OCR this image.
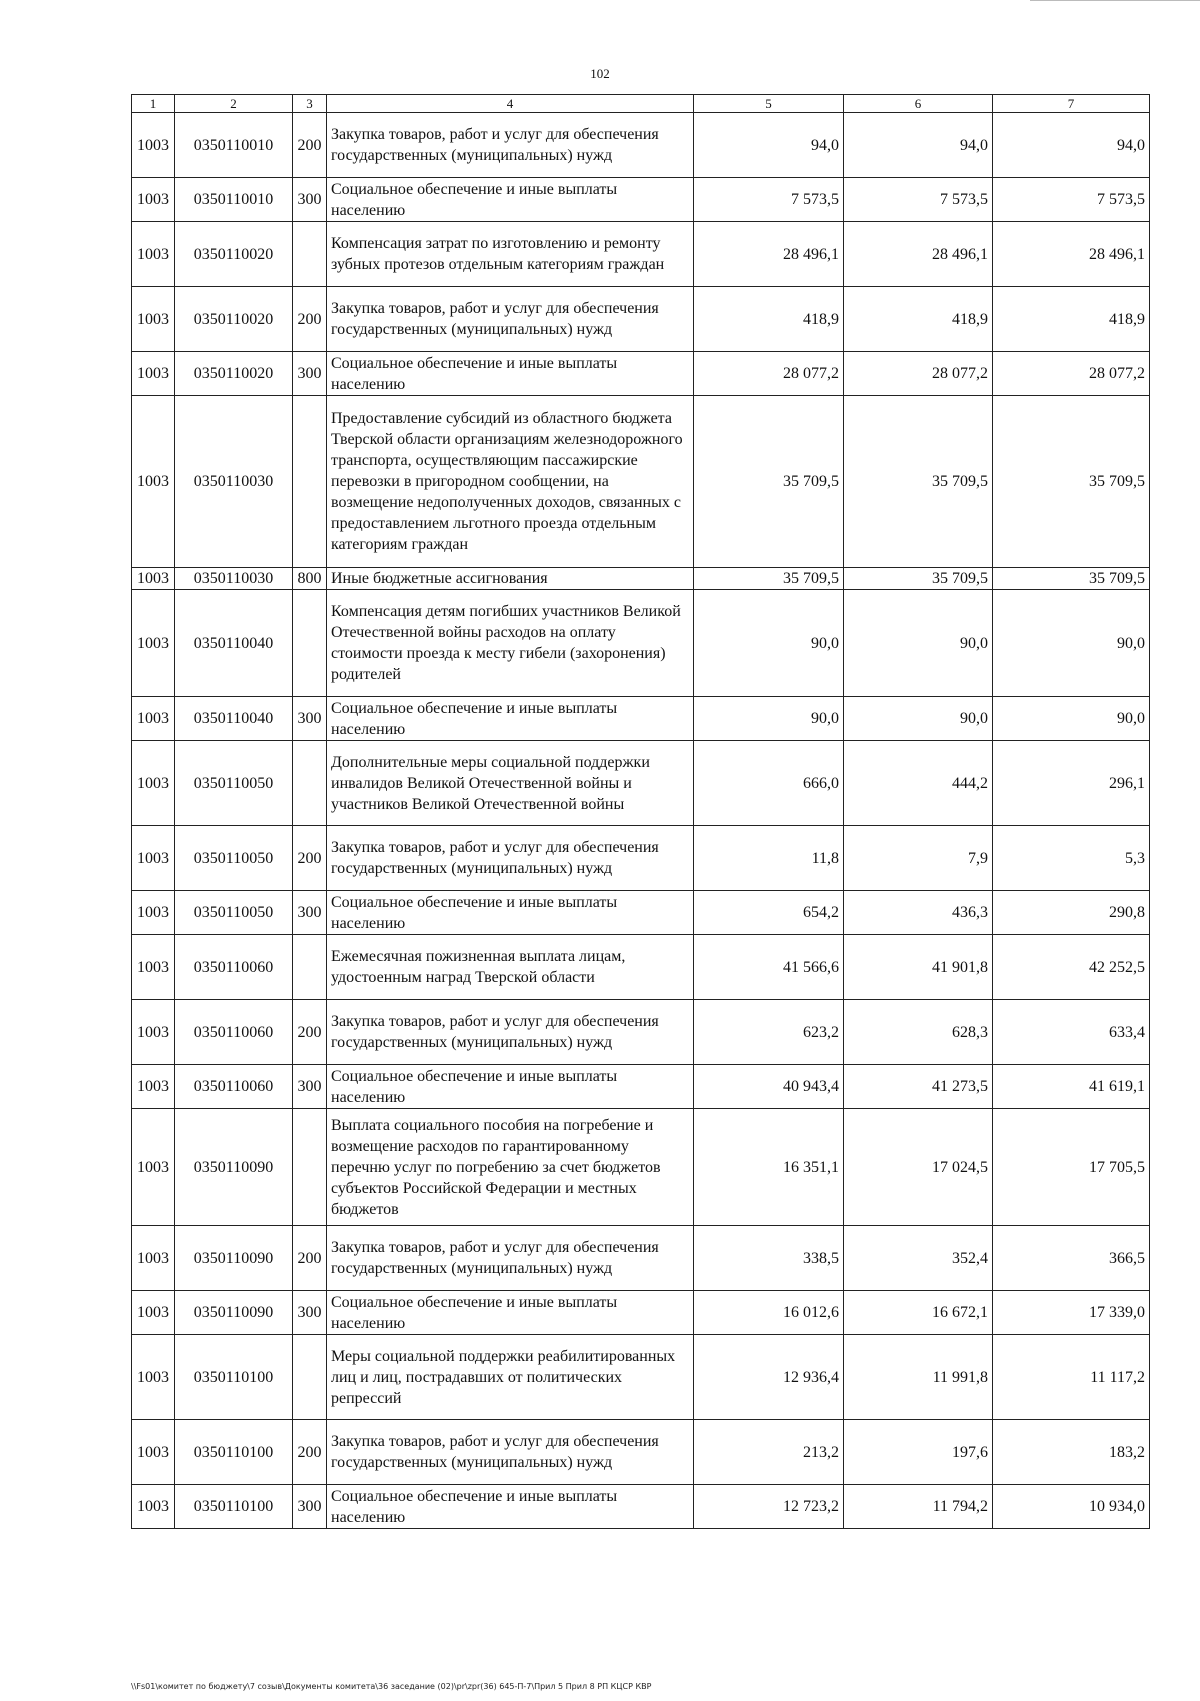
102
1	2	3	4	5	6	7
1003	0350110010	200	Закупка товаров, работ и услуг для обеспечения государственных (муниципальных) нужд	94,0	94,0	94,0
1003	0350110010	300	Социальное обеспечение и иные выплаты населению	7 573,5	7 573,5	7 573,5
1003	0350110020		Компенсация затрат по изготовлению и ремонту зубных протезов отдельным категориям граждан	28 496,1	28 496,1	28 496,1
1003	0350110020	200	Закупка товаров, работ и услуг для обеспечения государственных (муниципальных) нужд	418,9	418,9	418,9
1003	0350110020	300	Социальное обеспечение и иные выплаты населению	28 077,2	28 077,2	28 077,2
1003	0350110030		Предоставление субсидий из областного бюджета Тверской области организациям железнодорожного транспорта, осуществляющим пассажирские перевозки в пригородном сообщении, на возмещение недополученных доходов, связанных с предоставлением льготного проезда отдельным категориям граждан	35 709,5	35 709,5	35 709,5
1003	0350110030	800	Иные бюджетные ассигнования	35 709,5	35 709,5	35 709,5
1003	0350110040		Компенсация детям погибших участников Великой Отечественной войны расходов на оплату стоимости проезда к месту гибели (захоронения) родителей	90,0	90,0	90,0
1003	0350110040	300	Социальное обеспечение и иные выплаты населению	90,0	90,0	90,0
1003	0350110050		Дополнительные меры социальной поддержки инвалидов Великой Отечественной войны и участников Великой Отечественной войны	666,0	444,2	296,1
1003	0350110050	200	Закупка товаров, работ и услуг для обеспечения государственных (муниципальных) нужд	11,8	7,9	5,3
1003	0350110050	300	Социальное обеспечение и иные выплаты населению	654,2	436,3	290,8
1003	0350110060		Ежемесячная пожизненная выплата лицам, удостоенным наград Тверской области	41 566,6	41 901,8	42 252,5
1003	0350110060	200	Закупка товаров, работ и услуг для обеспечения государственных (муниципальных) нужд	623,2	628,3	633,4
1003	0350110060	300	Социальное обеспечение и иные выплаты населению	40 943,4	41 273,5	41 619,1
1003	0350110090		Выплата социального пособия на погребение и возмещение расходов по гарантированному перечню услуг по погребению за счет бюджетов субъектов Российской Федерации и местных бюджетов	16 351,1	17 024,5	17 705,5
1003	0350110090	200	Закупка товаров, работ и услуг для обеспечения государственных (муниципальных) нужд	338,5	352,4	366,5
1003	0350110090	300	Социальное обеспечение и иные выплаты населению	16 012,6	16 672,1	17 339,0
1003	0350110100		Меры социальной поддержки реабилитированных лиц и лиц, пострадавших от политических репрессий	12 936,4	11 991,8	11 117,2
1003	0350110100	200	Закупка товаров, работ и услуг для обеспечения государственных (муниципальных) нужд	213,2	197,6	183,2
1003	0350110100	300	Социальное обеспечение и иные выплаты населению	12 723,2	11 794,2	10 934,0
\\Fs01\комитет по бюджету\7 созыв\Документы комитета\36 заседание (02)\pr\zpr(36) 645-П-7\Прил 5 Прил 8 РП КЦСР КВР
